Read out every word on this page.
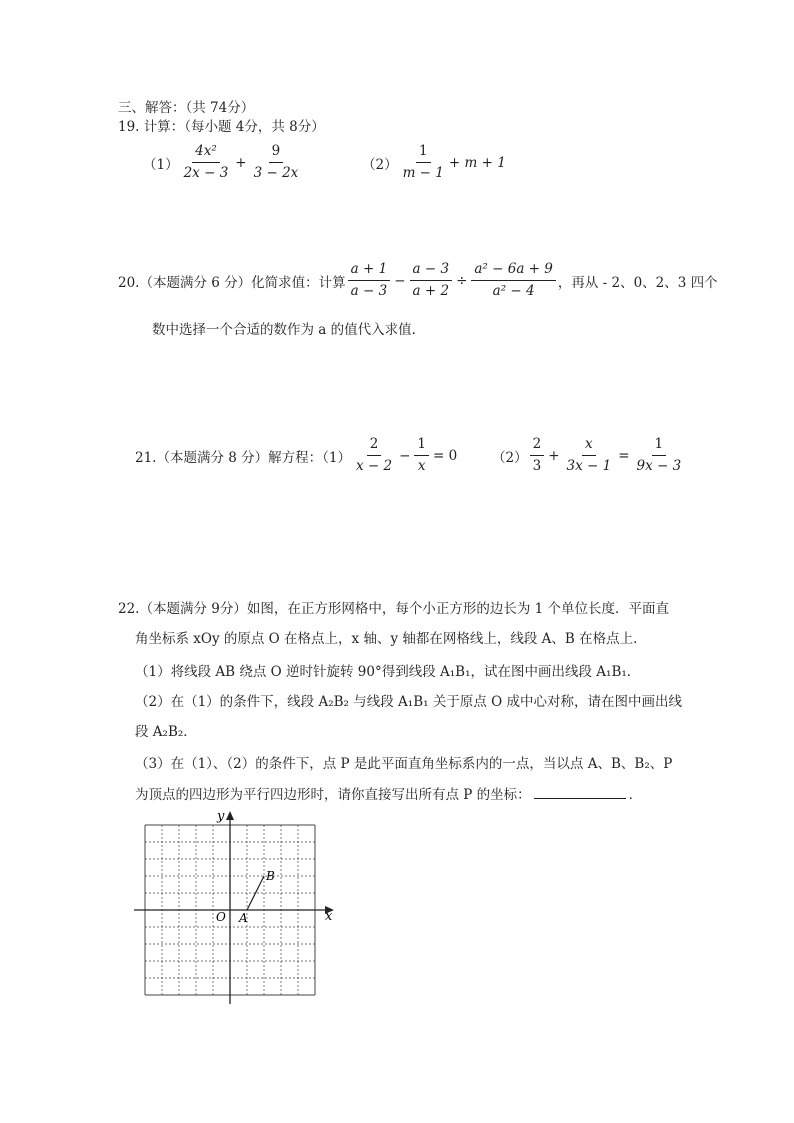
三、解答：（共 74分）
19. 计算：（每小题 4分，共 8分）
$(1) \frac{\text{4x²}}{2x - 3} + \frac{9}{3 - 2x}$	$(2) \frac{1}{m - 1} + m + 1$
20.（本题满分 6 分）化简求值：计算 $\frac{a + 1}{a - 3} - \frac{a - 3}{a + 2} \div \frac{\text{a² − 6a + 9}}{\text{a² − 4}}$ ，再从 - 2、0、2、3 四个
数中选择一个合适的数作为 a 的值代入求值.
21.（本题满分 8 分）解方程：$(1) \frac{2}{x - 2} - \frac{1}{x} = 0$	$(2) \frac{2}{3} + \frac{x}{3x - 1} = \frac{1}{9x - 3}$
22.（本题满分 9分）如图，在正方形网格中，每个小正方形的边长为 1 个单位长度．平面直
角坐标系 xOy 的原点 O 在格点上，x 轴、y 轴都在网格线上，线段 A、B 在格点上．
（1）将线段 AB 绕点 O 逆时针旋转 90°得到线段 A₁B₁，试在图中画出线段 A₁B₁．
（2）在（1）的条件下，线段 A₂B₂ 与线段 A₁B₁ 关于原点 O 成中心对称，请在图中画出线
段 A₂B₂．
（3）在（1）、（2）的条件下，点 P 是此平面直角坐标系内的一点，当以点 A、B、B₂、P
为顶点的四边形为平行四边形时，请你直接写出所有点 P 的坐标：	．
y
x
O A
B
